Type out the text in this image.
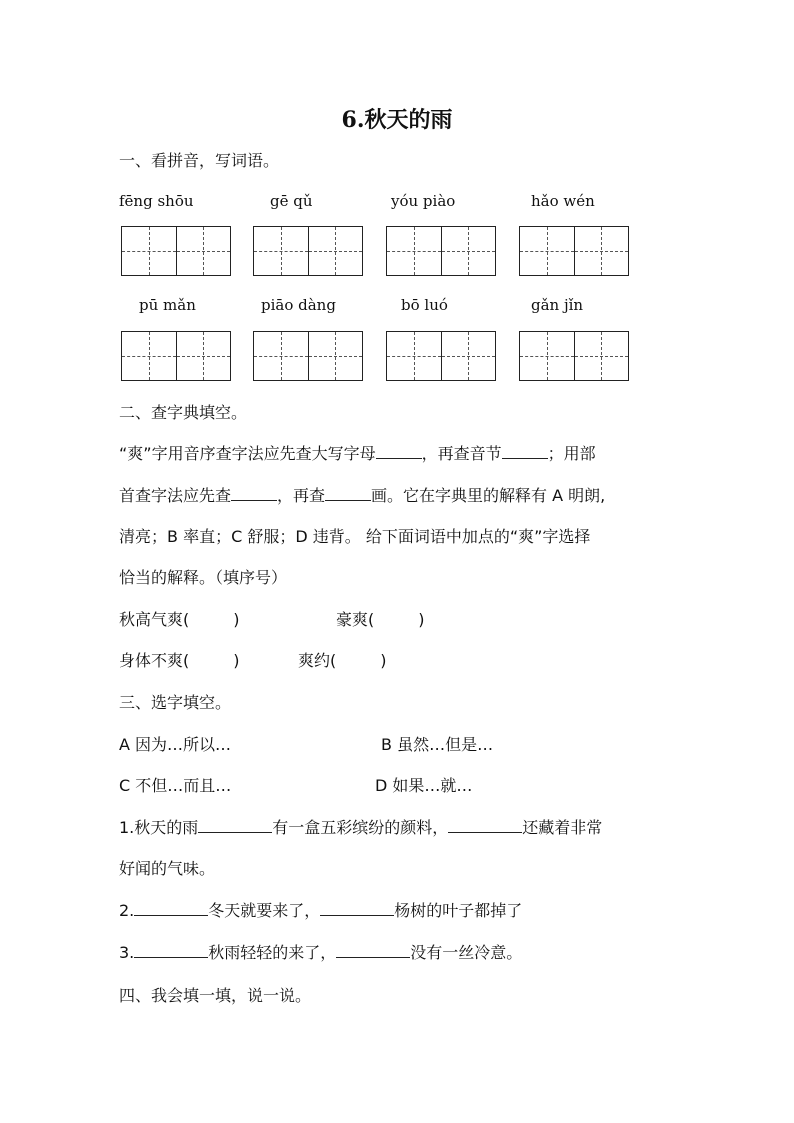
6.秋天的雨
一、看拼音，写词语。
fēng shōu	gē qǔ	yóu piào	hǎo wén
pū mǎn	piāo dàng	bō luó	gǎn jǐn
二、查字典填空。
“爽”字用音序查字法应先查大写字母	，再查音节	；用部
首查字法应先查	，再查	画。它在字典里的解释有 A 明朗,
清亮；B 率直；C 舒服；D 违背。 给下面词语中加点的“爽”字选择
恰当的解释。（填序号）
秋高气爽(	)	豪爽(	)
身体不爽(	)	爽约(	)
三、选字填空。
A 因为…所以…	B 虽然…但是…
C 不但…而且…	D 如果…就…
1.秋天的雨	有一盒五彩缤纷的颜料，	还藏着非常
好闻的气味。
2.	冬天就要来了，	杨树的叶子都掉了
3.	秋雨轻轻的来了，	没有一丝冷意。
四、我会填一填，说一说。
